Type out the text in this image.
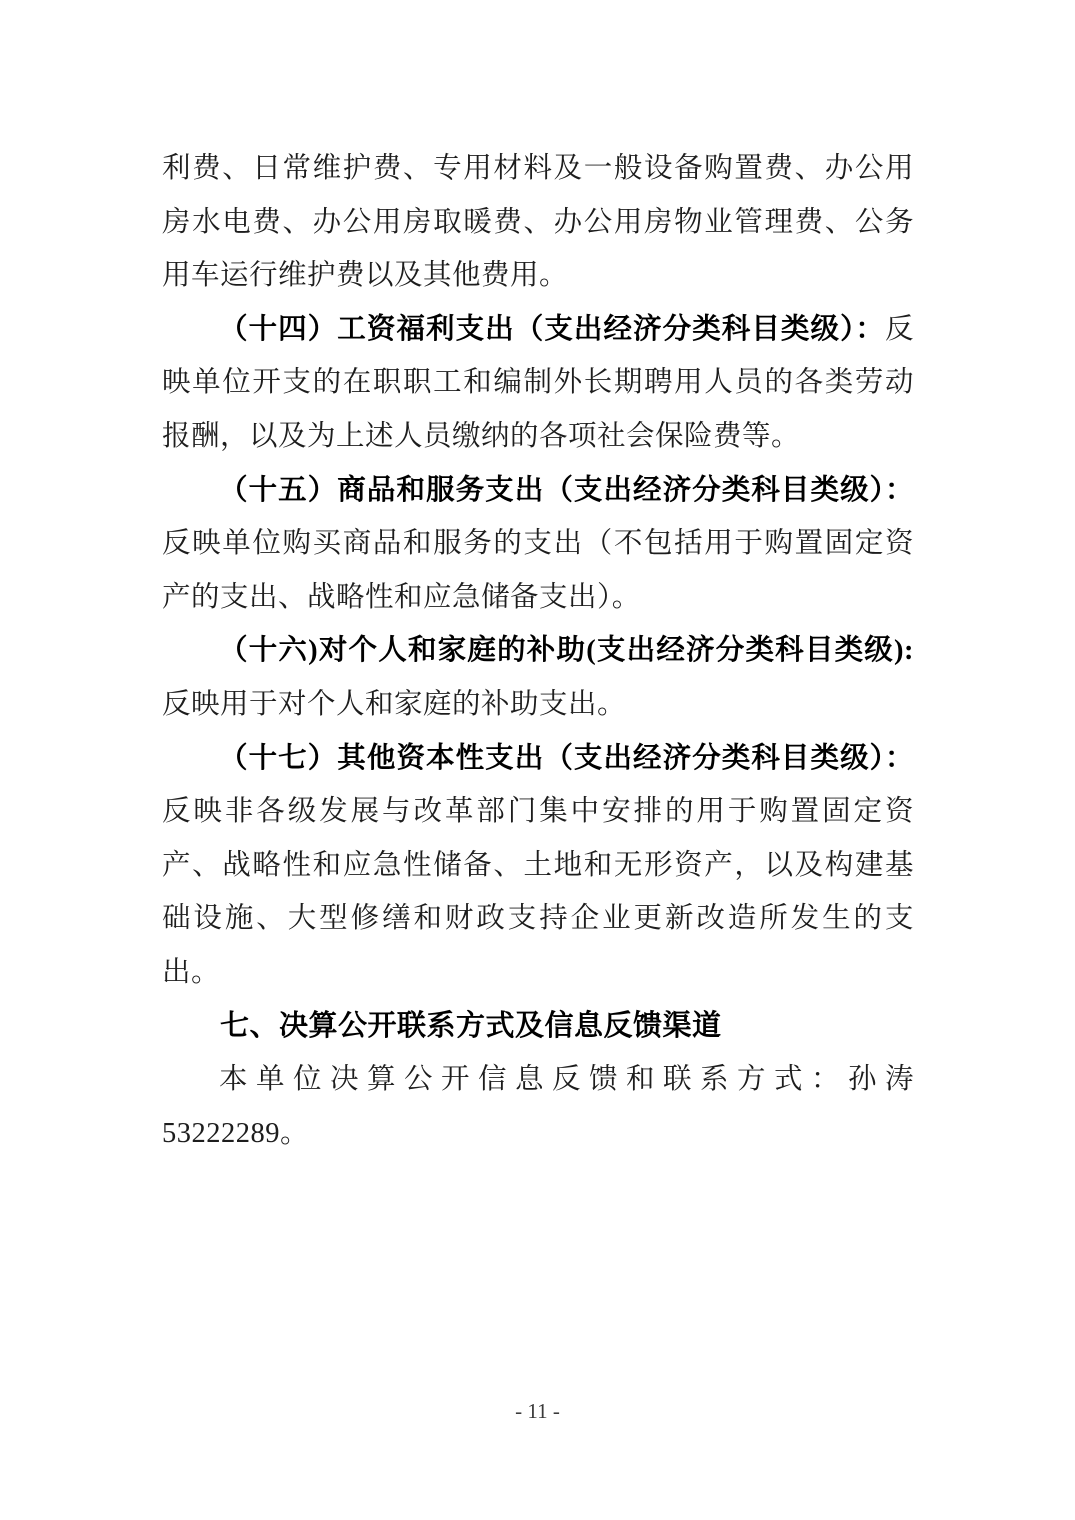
利费、日常维护费、专用材料及一般设备购置费、办公用房水电费、办公用房取暖费、办公用房物业管理费、公务用车运行维护费以及其他费用。

（十四）工资福利支出（支出经济分类科目类级）：反映单位开支的在职职工和编制外长期聘用人员的各类劳动报酬，以及为上述人员缴纳的各项社会保险费等。

（十五）商品和服务支出（支出经济分类科目类级）：反映单位购买商品和服务的支出（不包括用于购置固定资产的支出、战略性和应急储备支出）。

（十六)对个人和家庭的补助(支出经济分类科目类级):反映用于对个人和家庭的补助支出。

（十七）其他资本性支出（支出经济分类科目类级）：反映非各级发展与改革部门集中安排的用于购置固定资产、战略性和应急性储备、土地和无形资产，以及构建基础设施、大型修缮和财政支持企业更新改造所发生的支出。

七、决算公开联系方式及信息反馈渠道

本单位决算公开信息反馈和联系方式：孙涛 53222289。

- 11 -
